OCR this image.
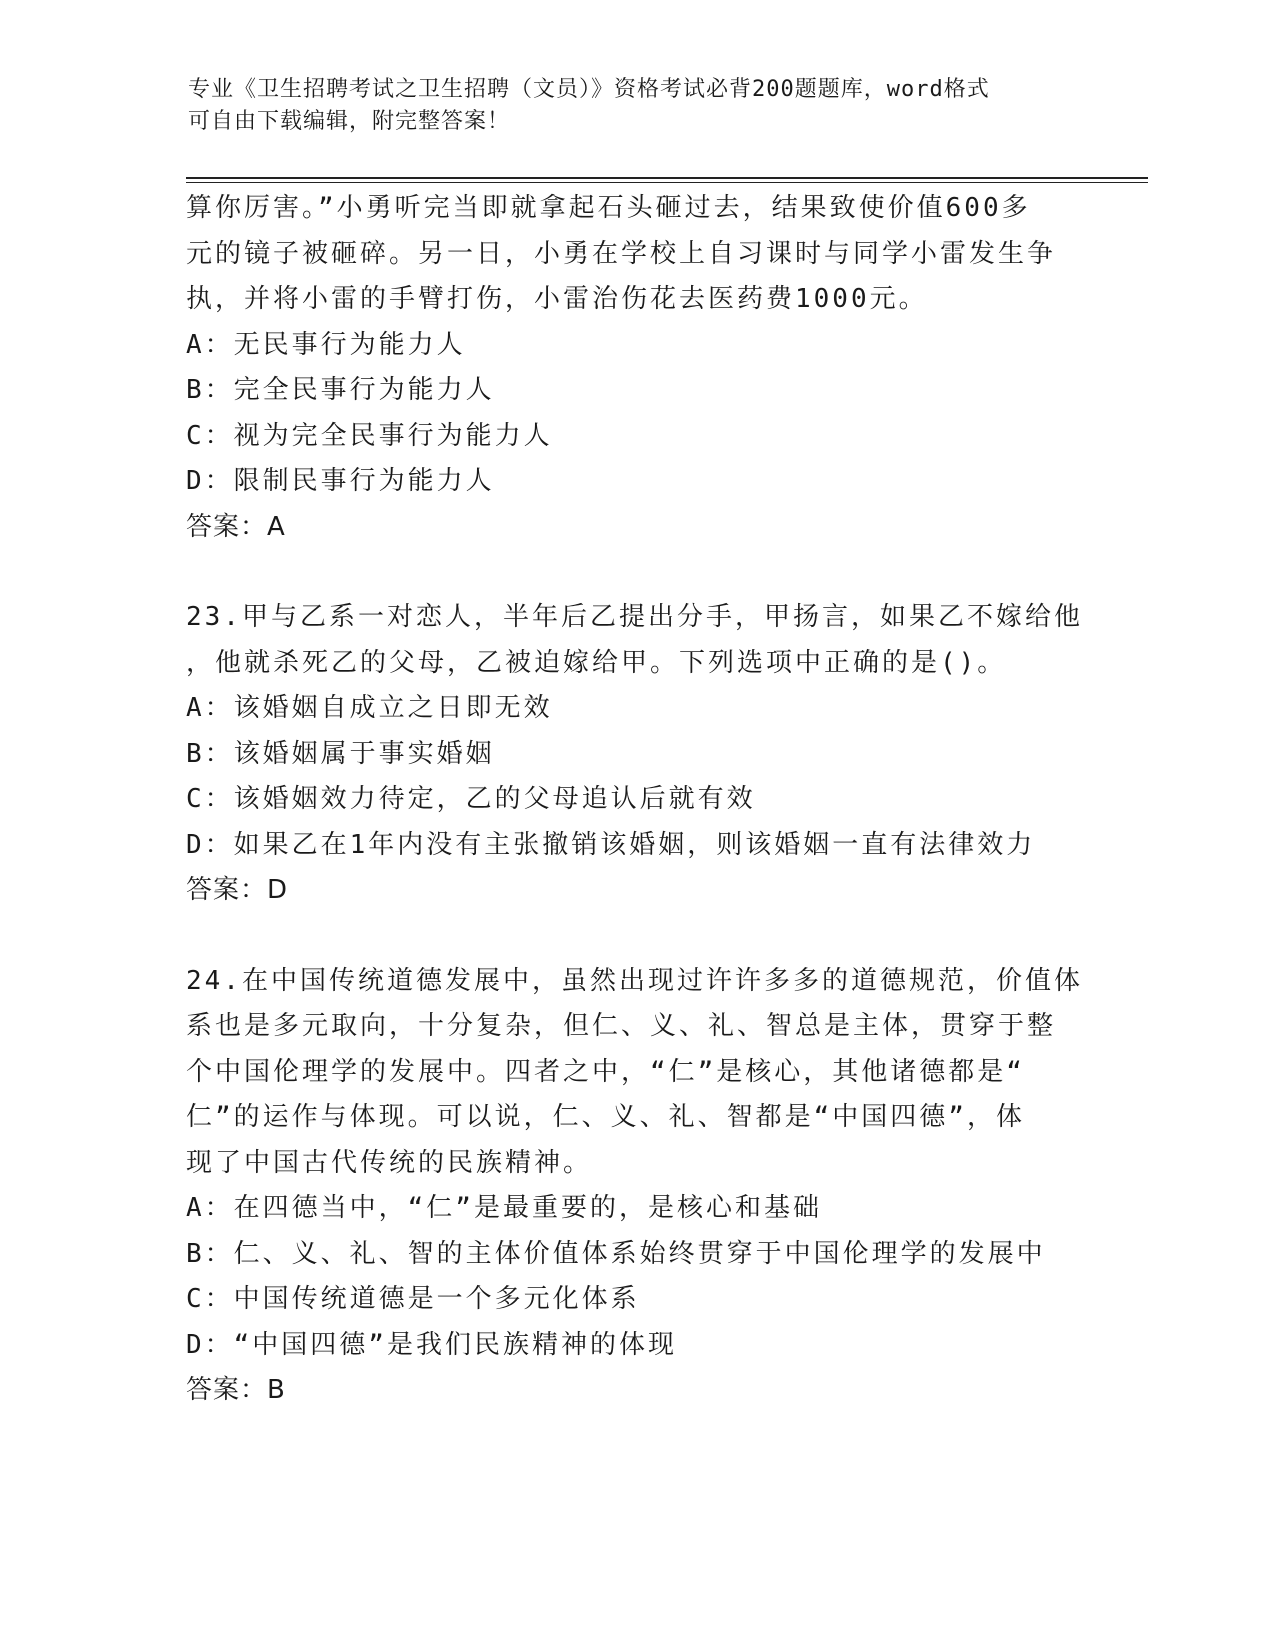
专业《卫生招聘考试之卫生招聘（文员）》资格考试必背200题题库，word格式
可自由下载编辑，附完整答案！
算你厉害。”小勇听完当即就拿起石头砸过去，结果致使价值600多
元的镜子被砸碎。另一日，小勇在学校上自习课时与同学小雷发生争
执，并将小雷的手臂打伤，小雷治伤花去医药费1000元。
A：无民事行为能力人
B：完全民事行为能力人
C：视为完全民事行为能力人
D：限制民事行为能力人
答案：A
23.甲与乙系一对恋人，半年后乙提出分手，甲扬言，如果乙不嫁给他
，他就杀死乙的父母，乙被迫嫁给甲。下列选项中正确的是()。
A：该婚姻自成立之日即无效
B：该婚姻属于事实婚姻
C：该婚姻效力待定，乙的父母追认后就有效
D：如果乙在1年内没有主张撤销该婚姻，则该婚姻一直有法律效力
答案：D
24.在中国传统道德发展中，虽然出现过许许多多的道德规范，价值体
系也是多元取向，十分复杂，但仁、义、礼、智总是主体，贯穿于整
个中国伦理学的发展中。四者之中，“仁”是核心，其他诸德都是“
仁”的运作与体现。可以说，仁、义、礼、智都是“中国四德”，体
现了中国古代传统的民族精神。
A：在四德当中，“仁”是最重要的，是核心和基础
B：仁、义、礼、智的主体价值体系始终贯穿于中国伦理学的发展中
C：中国传统道德是一个多元化体系
D：“中国四德”是我们民族精神的体现
答案：B
